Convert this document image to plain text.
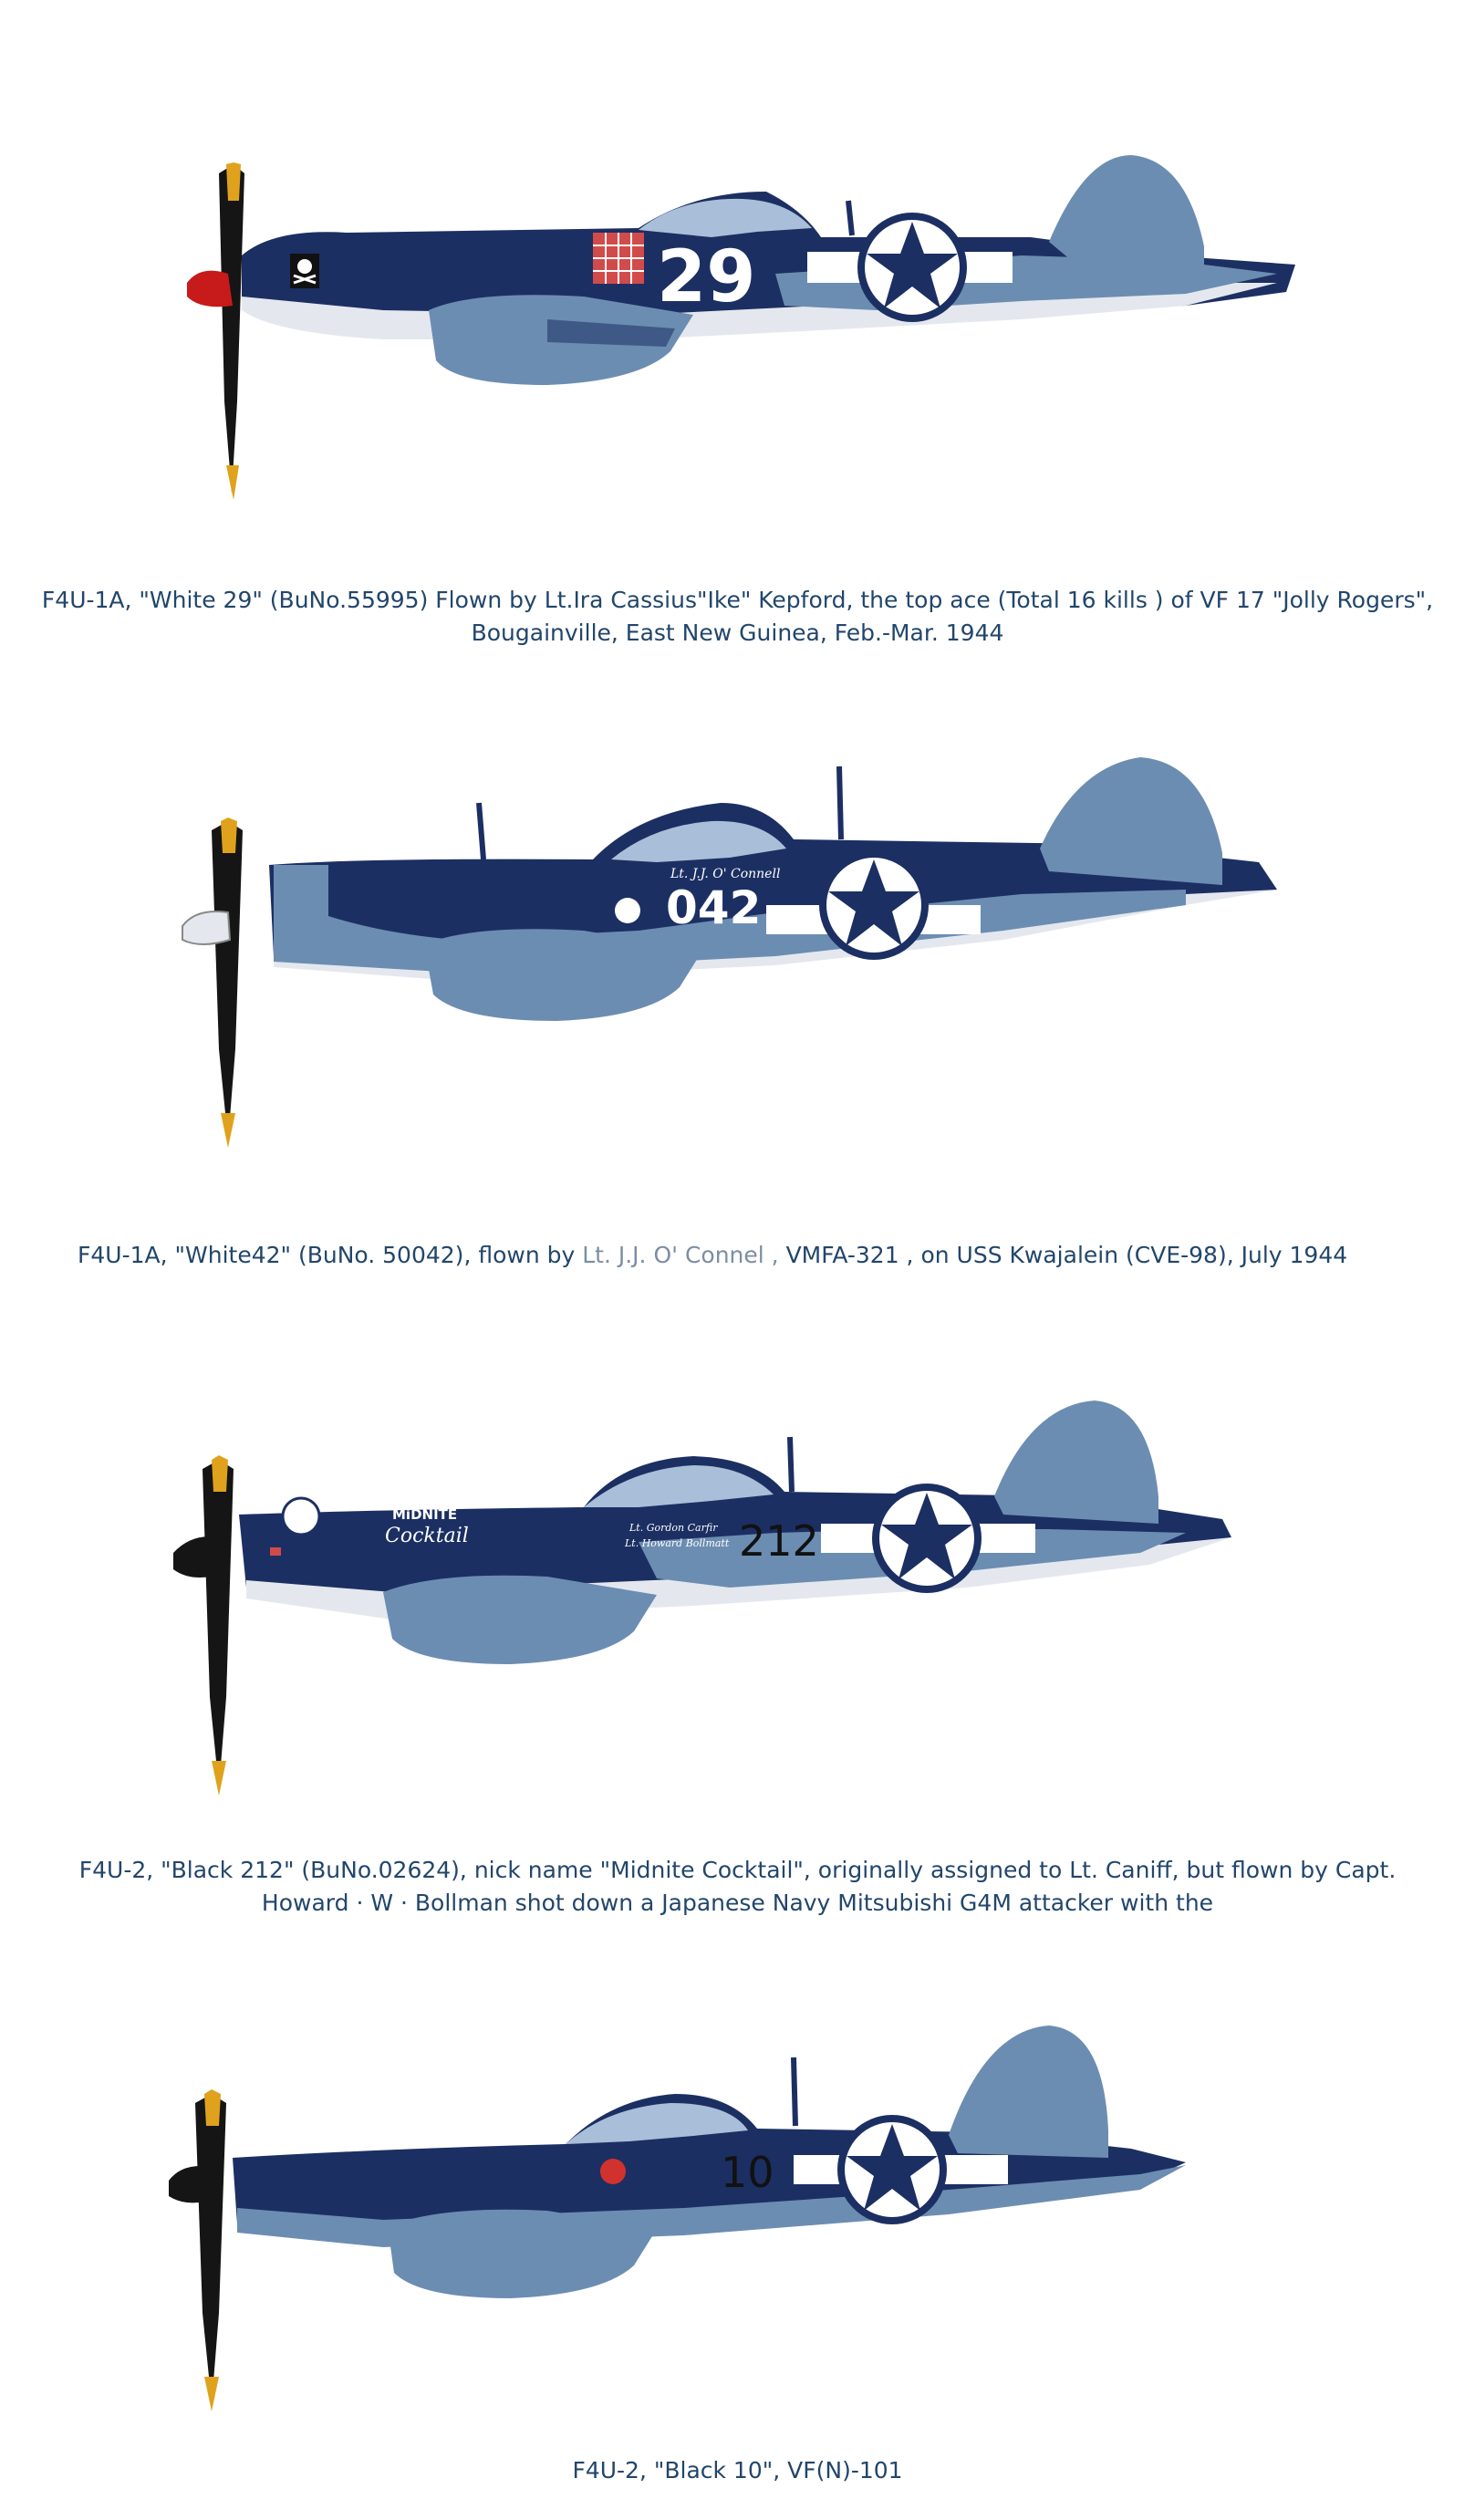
29
F4U-1A, "White 29" (BuNo.55995) Flown by Lt.Ira Cassius"Ike" Kepford, the top ace (Total 16 kills ) of VF 17 "Jolly Rogers",
Bougainville, East New Guinea, Feb.-Mar. 1944
042
Lt. J.J. O' Connell
F4U-1A, "White42" (BuNo. 50042), flown by Lt. J.J. O' Connel , VMFA-321 , on USS Kwajalein (CVE-98), July 1944
212
MiDNITE
Cocktail	Lt. Gordon Carfir
Lt. Howard Bollmatt
F4U-2, "Black 212" (BuNo.02624), nick name "Midnite Cocktail", originally assigned to Lt. Caniff, but flown by Capt.
Howard · W · Bollman shot down a Japanese Navy Mitsubishi G4M attacker with the
10
F4U-2, "Black 10", VF(N)-101
